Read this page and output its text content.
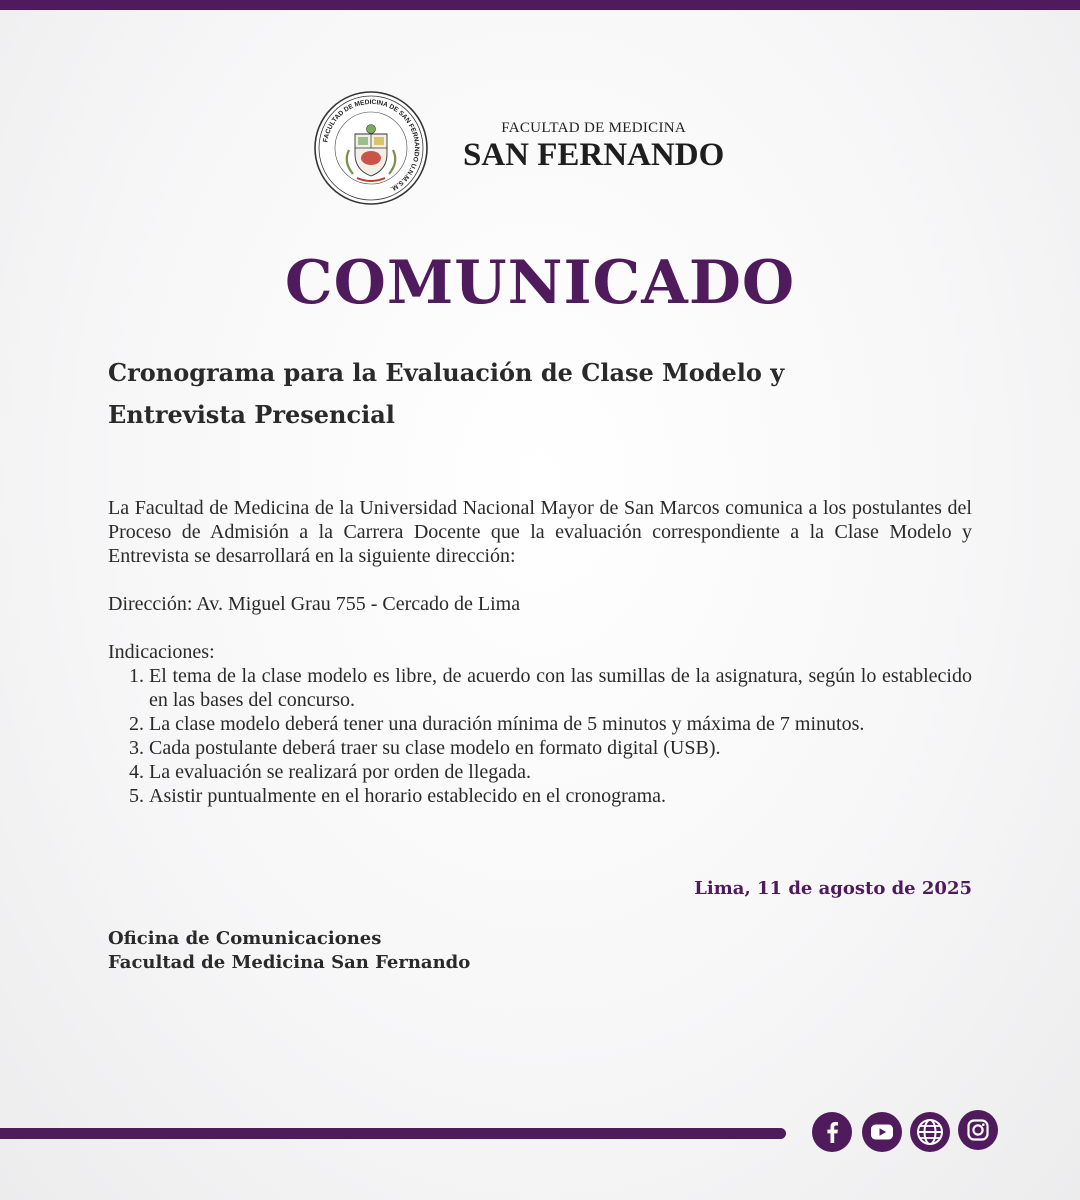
FACULTAD DE MEDICINA DE SAN FERNANDO U.N.M.S.M.
FACULTAD DE MEDICINA
SAN FERNANDO
COMUNICADO
Cronograma para la Evaluación de Clase Modelo y Entrevista Presencial

La Facultad de Medicina de la Universidad Nacional Mayor de San Marcos comunica a los postulantes del Proceso de Admisión a la Carrera Docente que la evaluación correspondiente a la Clase Modelo y Entrevista se desarrollará en la siguiente dirección:

Dirección: Av. Miguel Grau 755 - Cercado de Lima

Indicaciones:

1. El tema de la clase modelo es libre, de acuerdo con las sumillas de la asignatura, según lo establecido en las bases del concurso.
2. La clase modelo deberá tener una duración mínima de 5 minutos y máxima de 7 minutos.
3. Cada postulante deberá traer su clase modelo en formato digital (USB).
4. La evaluación se realizará por orden de llegada.
5. Asistir puntualmente en el horario establecido en el cronograma.
Lima, 11 de agosto de 2025
Oficina de Comunicaciones
Facultad de Medicina San Fernando
